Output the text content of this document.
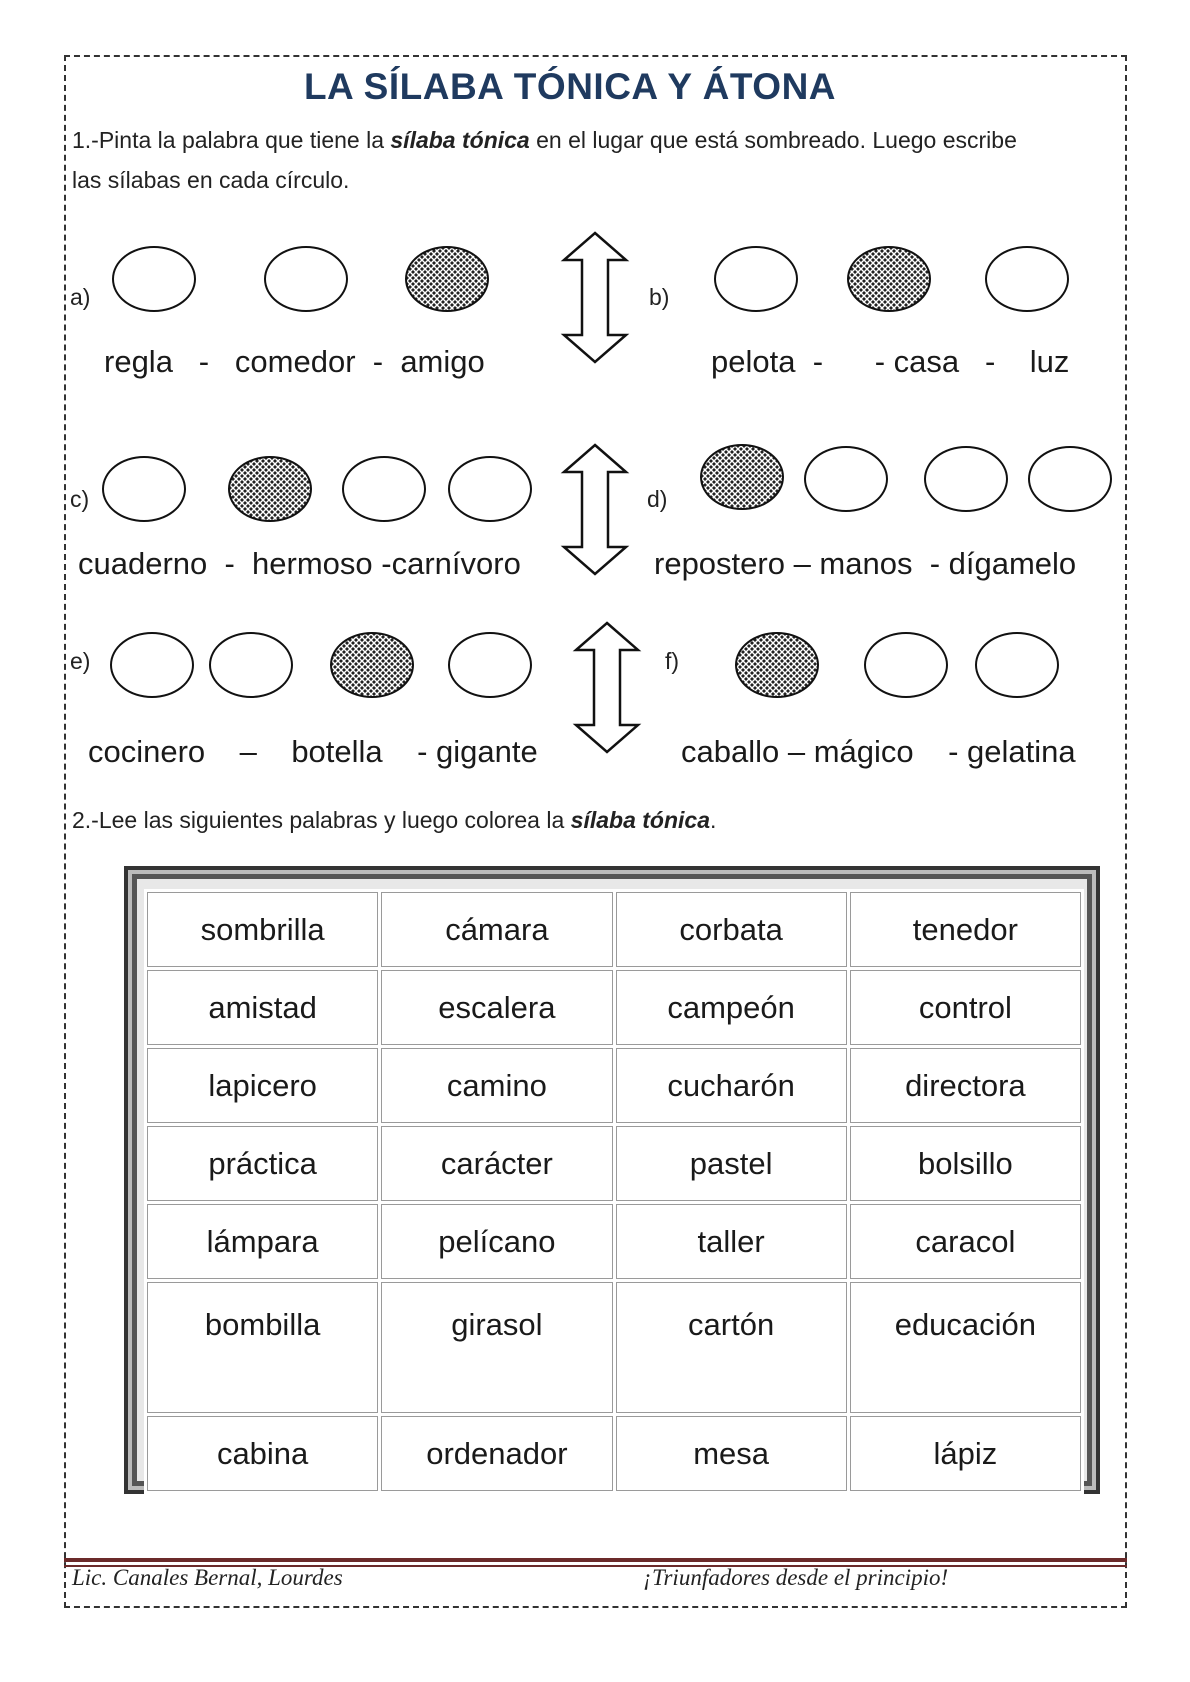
LA SÍLABA TÓNICA Y ÁTONA
1.-Pinta la palabra que tiene la sílaba tónica en el lugar que está sombreado. Luego escribe
las sílabas en cada círculo.
a)
regla   -   comedor  -  amigo
b)
pelota  -      - casa   -    luz
c)
cuaderno  -  hermoso -carnívoro
d)
repostero – manos  - dígamelo
e)
cocinero    –    botella    - gigante
f)
caballo – mágico    - gelatina
2.-Lee las siguientes palabras y luego colorea la sílaba tónica.
sombrilla	cámara	corbata	tenedor
amistad	escalera	campeón	control
lapicero	camino	cucharón	directora
práctica	carácter	pastel	bolsillo
lámpara	pelícano	taller	caracol
bombilla	girasol	cartón	educación
cabina	ordenador	mesa	lápiz
Lic. Canales Bernal, Lourdes	¡Triunfadores desde el principio!
